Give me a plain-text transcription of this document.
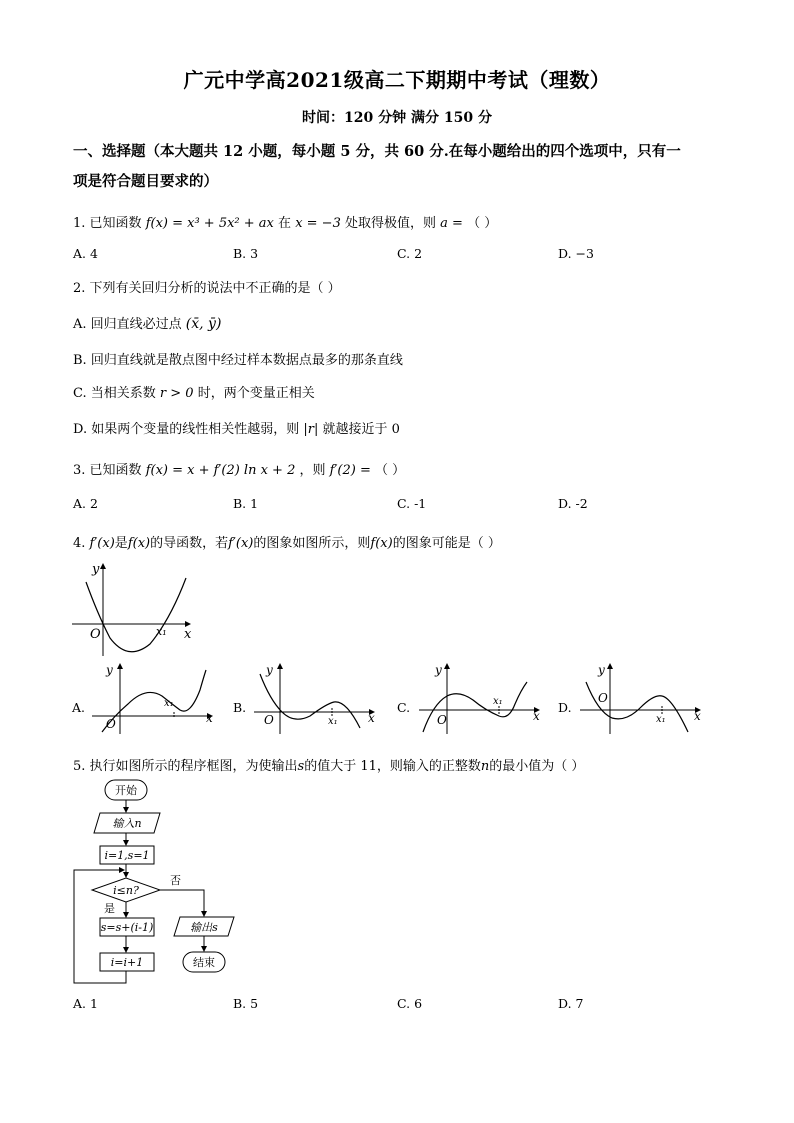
广元中学高2021级高二下期期中考试（理数）
时间：120 分钟 满分 150 分
一、选择题（本大题共 12 小题，每小题 5 分，共 60 分.在每小题给出的四个选项中，只有一
项是符合题目要求的）
1. 已知函数 f(x) = x³ + 5x² + ax 在 x = −3 处取得极值，则 a = （ ）
A. 4	B. 3	C. 2	D. −3
2. 下列有关回归分析的说法中不正确的是（ ）
A. 回归直线必过点 (x̄, ȳ)
B. 回归直线就是散点图中经过样本数据点最多的那条直线
C. 当相关系数 r > 0 时，两个变量正相关
D. 如果两个变量的线性相关性越弱，则 |r| 就越接近于 0
3. 已知函数 f(x) = x + f′(2) ln x + 2 ，则 f′(2) = （ ）
A. 2	B. 1	C. -1	D. -2
4. f′(x)是f(x)的导函数，若f′(x)的图象如图所示，则f(x)的图象可能是（ ）
y
x
O	x₁
A.
y
x
O
x₁	B.
y
x
O	x₁
C.
y
x
O
x₁	D.
y
x
O
x₁
5. 执行如图所示的程序框图，为使输出s的值大于 11，则输入的正整数n的最小值为（ ）
开始
输入n
i=1,s=1
i≤n?
否
是
s=s+(i-1)
i=i+1
输出s
结束
A. 1	B. 5	C. 6	D. 7
